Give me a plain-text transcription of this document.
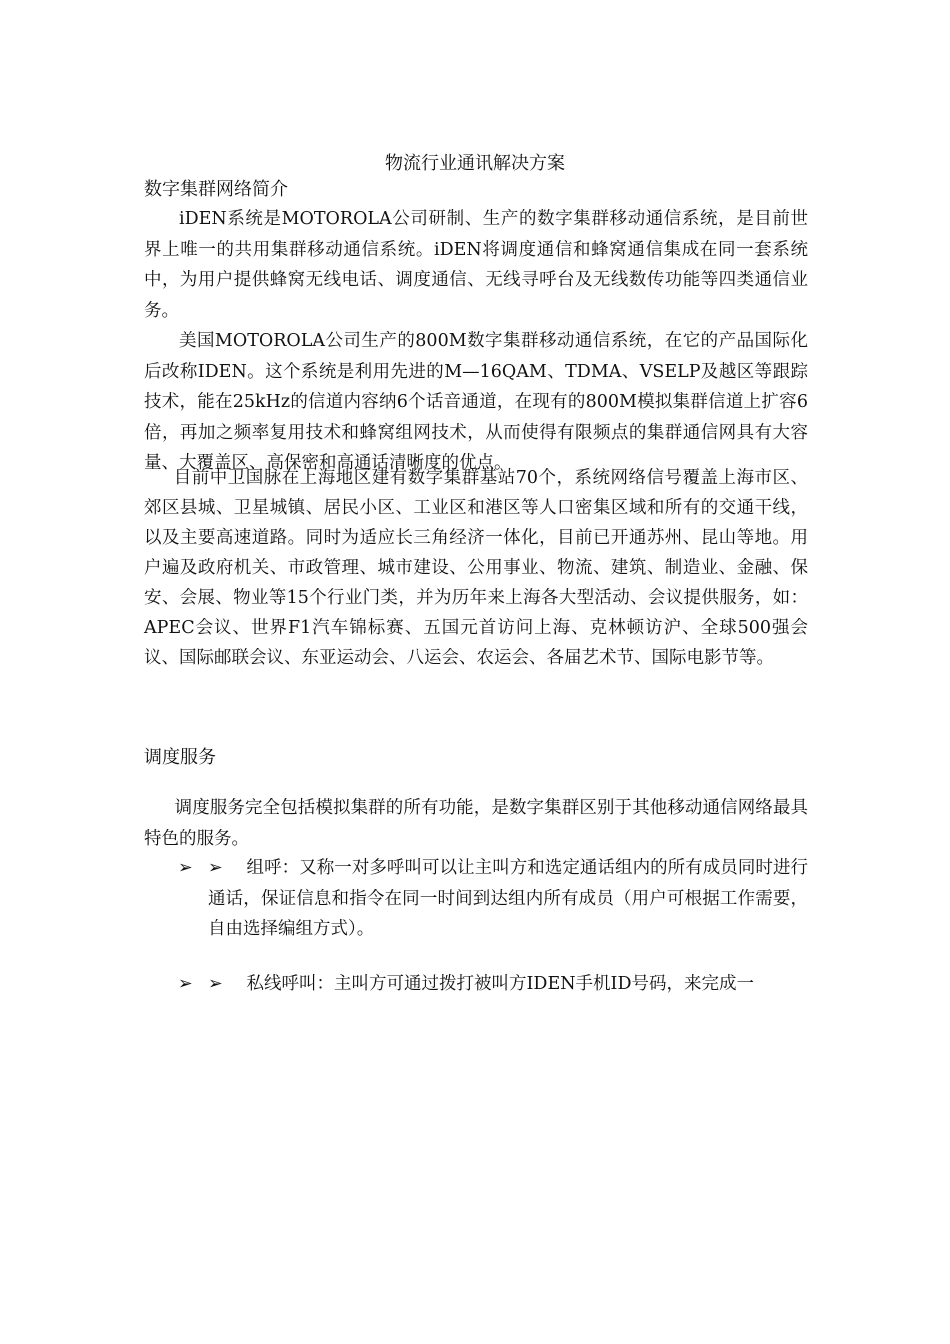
物流行业通讯解决方案
数字集群网络简介
iDEN系统是MOTOROLA公司研制、生产的数字集群移动通信系统，是目前世界上唯一的共用集群移动通信系统。iDEN将调度通信和蜂窝通信集成在同一套系统中，为用户提供蜂窝无线电话、调度通信、无线寻呼台及无线数传功能等四类通信业务。
美国MOTOROLA公司生产的800M数字集群移动通信系统，在它的产品国际化后改称IDEN。这个系统是利用先进的M—16QAM、TDMA、VSELP及越区等跟踪技术，能在25kHz的信道内容纳6个话音通道，在现有的800M模拟集群信道上扩容6倍，再加之频率复用技术和蜂窝组网技术，从而使得有限频点的集群通信网具有大容量、大覆盖区、高保密和高通话清晰度的优点。
目前中卫国脉在上海地区建有数字集群基站70个，系统网络信号覆盖上海市区、郊区县城、卫星城镇、居民小区、工业区和港区等人口密集区域和所有的交通干线，以及主要高速道路。同时为适应长三角经济一体化，目前已开通苏州、昆山等地。用户遍及政府机关、市政管理、城市建设、公用事业、物流、建筑、制造业、金融、保安、会展、物业等15个行业门类，并为历年来上海各大型活动、会议提供服务，如：APEC会议、世界F1汽车锦标赛、五国元首访问上海、克林顿访沪、全球500强会议、国际邮联会议、东亚运动会、八运会、农运会、各届艺术节、国际电影节等。
调度服务
调度服务完全包括模拟集群的所有功能，是数字集群区别于其他移动通信网络最具特色的服务。
➢ ➢ 组呼：又称一对多呼叫可以让主叫方和选定通话组内的所有成员同时进行通话，保证信息和指令在同一时间到达组内所有成员（用户可根据工作需要，自由选择编组方式）。
➢ ➢ 私线呼叫：主叫方可通过拨打被叫方IDEN手机ID号码，来完成一
